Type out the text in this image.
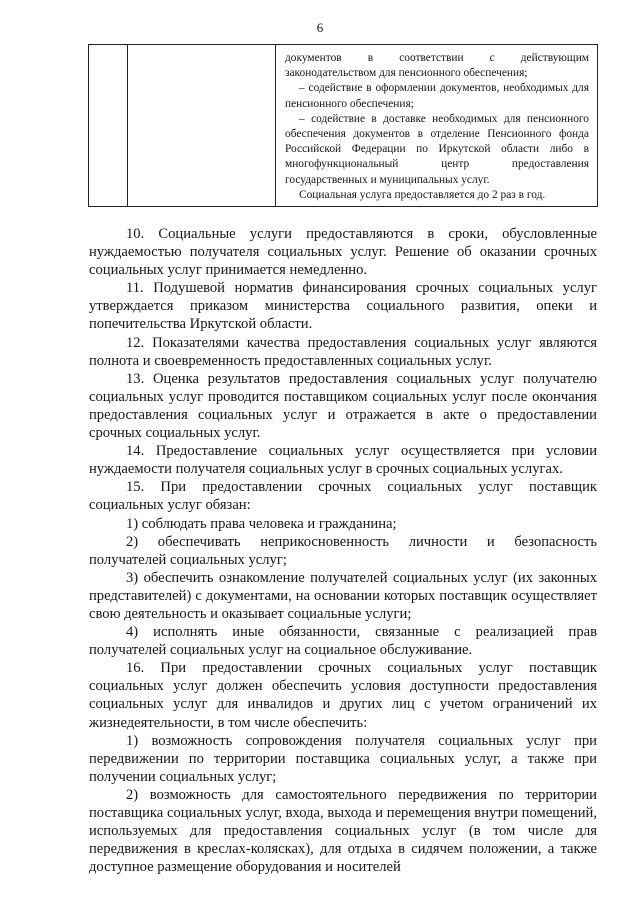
6

документов в соответствии с действующим законодательством для пенсионного обеспечения;

– содействие в оформлении документов, необходимых для пенсионного обеспечения;

– содействие в доставке необходимых для пенсионного обеспечения документов в отделение Пенсионного фонда Российской Федерации по Иркутской области либо в многофункциональный центр предоставления государственных и муниципальных услуг.

Социальная услуга предоставляется до 2 раз в год.

10. Социальные услуги предоставляются в сроки, обусловленные нуждаемостью получателя социальных услуг. Решение об оказании срочных социальных услуг принимается немедленно.

11. Подушевой норматив финансирования срочных социальных услуг утверждается приказом министерства социального развития, опеки и попечительства Иркутской области.

12. Показателями качества предоставления социальных услуг являются полнота и своевременность предоставленных социальных услуг.

13. Оценка результатов предоставления социальных услуг получателю социальных услуг проводится поставщиком социальных услуг после окончания предоставления социальных услуг и отражается в акте о предоставлении срочных социальных услуг.

14. Предоставление социальных услуг осуществляется при условии нуждаемости получателя социальных услуг в срочных социальных услугах.

15. При предоставлении срочных социальных услуг поставщик социальных услуг обязан:

1) соблюдать права человека и гражданина;

2) обеспечивать неприкосновенность личности и безопасность получателей социальных услуг;

3) обеспечить ознакомление получателей социальных услуг (их законных представителей) с документами, на основании которых поставщик осуществляет свою деятельность и оказывает социальные услуги;

4) исполнять иные обязанности, связанные с реализацией прав получателей социальных услуг на социальное обслуживание.

16. При предоставлении срочных социальных услуг поставщик социальных услуг должен обеспечить условия доступности предоставления социальных услуг для инвалидов и других лиц с учетом ограничений их жизнедеятельности, в том числе обеспечить:

1) возможность сопровождения получателя социальных услуг при передвижении по территории поставщика социальных услуг, а также при получении социальных услуг;

2) возможность для самостоятельного передвижения по территории поставщика социальных услуг, входа, выхода и перемещения внутри помещений, используемых для предоставления социальных услуг (в том числе для передвижения в креслах-колясках), для отдыха в сидячем положении, а также доступное размещение оборудования и носителей
